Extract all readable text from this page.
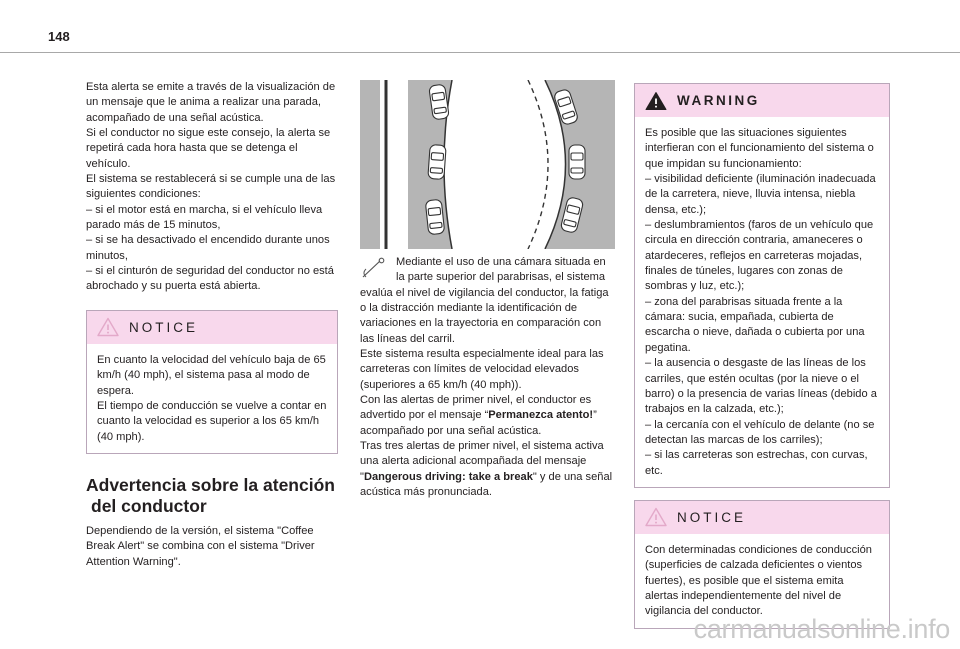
148

Esta alerta se emite a través de la visualización de un mensaje que le anima a realizar una parada, acompañado de una señal acústica.

Si el conductor no sigue este consejo, la alerta se repetirá cada hora hasta que se detenga el vehículo.

El sistema se restablecerá si se cumple una de las siguientes condiciones:

– si el motor está en marcha, si el vehículo lleva parado más de 15 minutos,

– si se ha desactivado el encendido durante unos minutos,

– si el cinturón de seguridad del conductor no está abrochado y su puerta está abierta.

NOTICE

En cuanto la velocidad del vehículo baja de 65 km/h (40 mph), el sistema pasa al modo de espera.

El tiempo de conducción se vuelve a contar en cuanto la velocidad es superior a los 65 km/h (40 mph).

Advertencia sobre la atención
del conductor

Dependiendo de la versión, el sistema "Coffee Break Alert" se combina con el sistema "Driver Attention Warning".

Mediante el uso de una cámara situada en la parte superior del parabrisas, el sistema evalúa el nivel de vigilancia del conductor, la fatiga o la distracción mediante la identificación de variaciones en la trayectoria en comparación con las líneas del carril.

Este sistema resulta especialmente ideal para las carreteras con límites de velocidad elevados (superiores a 65 km/h (40 mph)).

Con las alertas de primer nivel, el conductor es advertido por el mensaje “Permanezca atento!” acompañado por una señal acústica.

Tras tres alertas de primer nivel, el sistema activa una alerta adicional acompañada del mensaje "Dangerous driving: take a break" y de una señal acústica más pronunciada.

WARNING

Es posible que las situaciones siguientes interfieran con el funcionamiento del sistema o que impidan su funcionamiento:

– visibilidad deficiente (iluminación inadecuada de la carretera, nieve, lluvia intensa, niebla densa, etc.);

– deslumbramientos (faros de un vehículo que circula en dirección contraria, amaneceres o atardeceres, reflejos en carreteras mojadas, finales de túneles, lugares con zonas de sombras y luz, etc.);

– zona del parabrisas situada frente a la cámara: sucia, empañada, cubierta de escarcha o nieve, dañada o cubierta por una pegatina.

– la ausencia o desgaste de las líneas de los carriles, que estén ocultas (por la nieve o el barro) o la presencia de varias líneas (debido a trabajos en la calzada, etc.);

– la cercanía con el vehículo de delante (no se detectan las marcas de los carriles);

– si las carreteras son estrechas, con curvas, etc.

NOTICE

Con determinadas condiciones de conducción (superficies de calzada deficientes o vientos fuertes), es posible que el sistema emita alertas independientemente del nivel de vigilancia del conductor.

carmanualsonline.info
